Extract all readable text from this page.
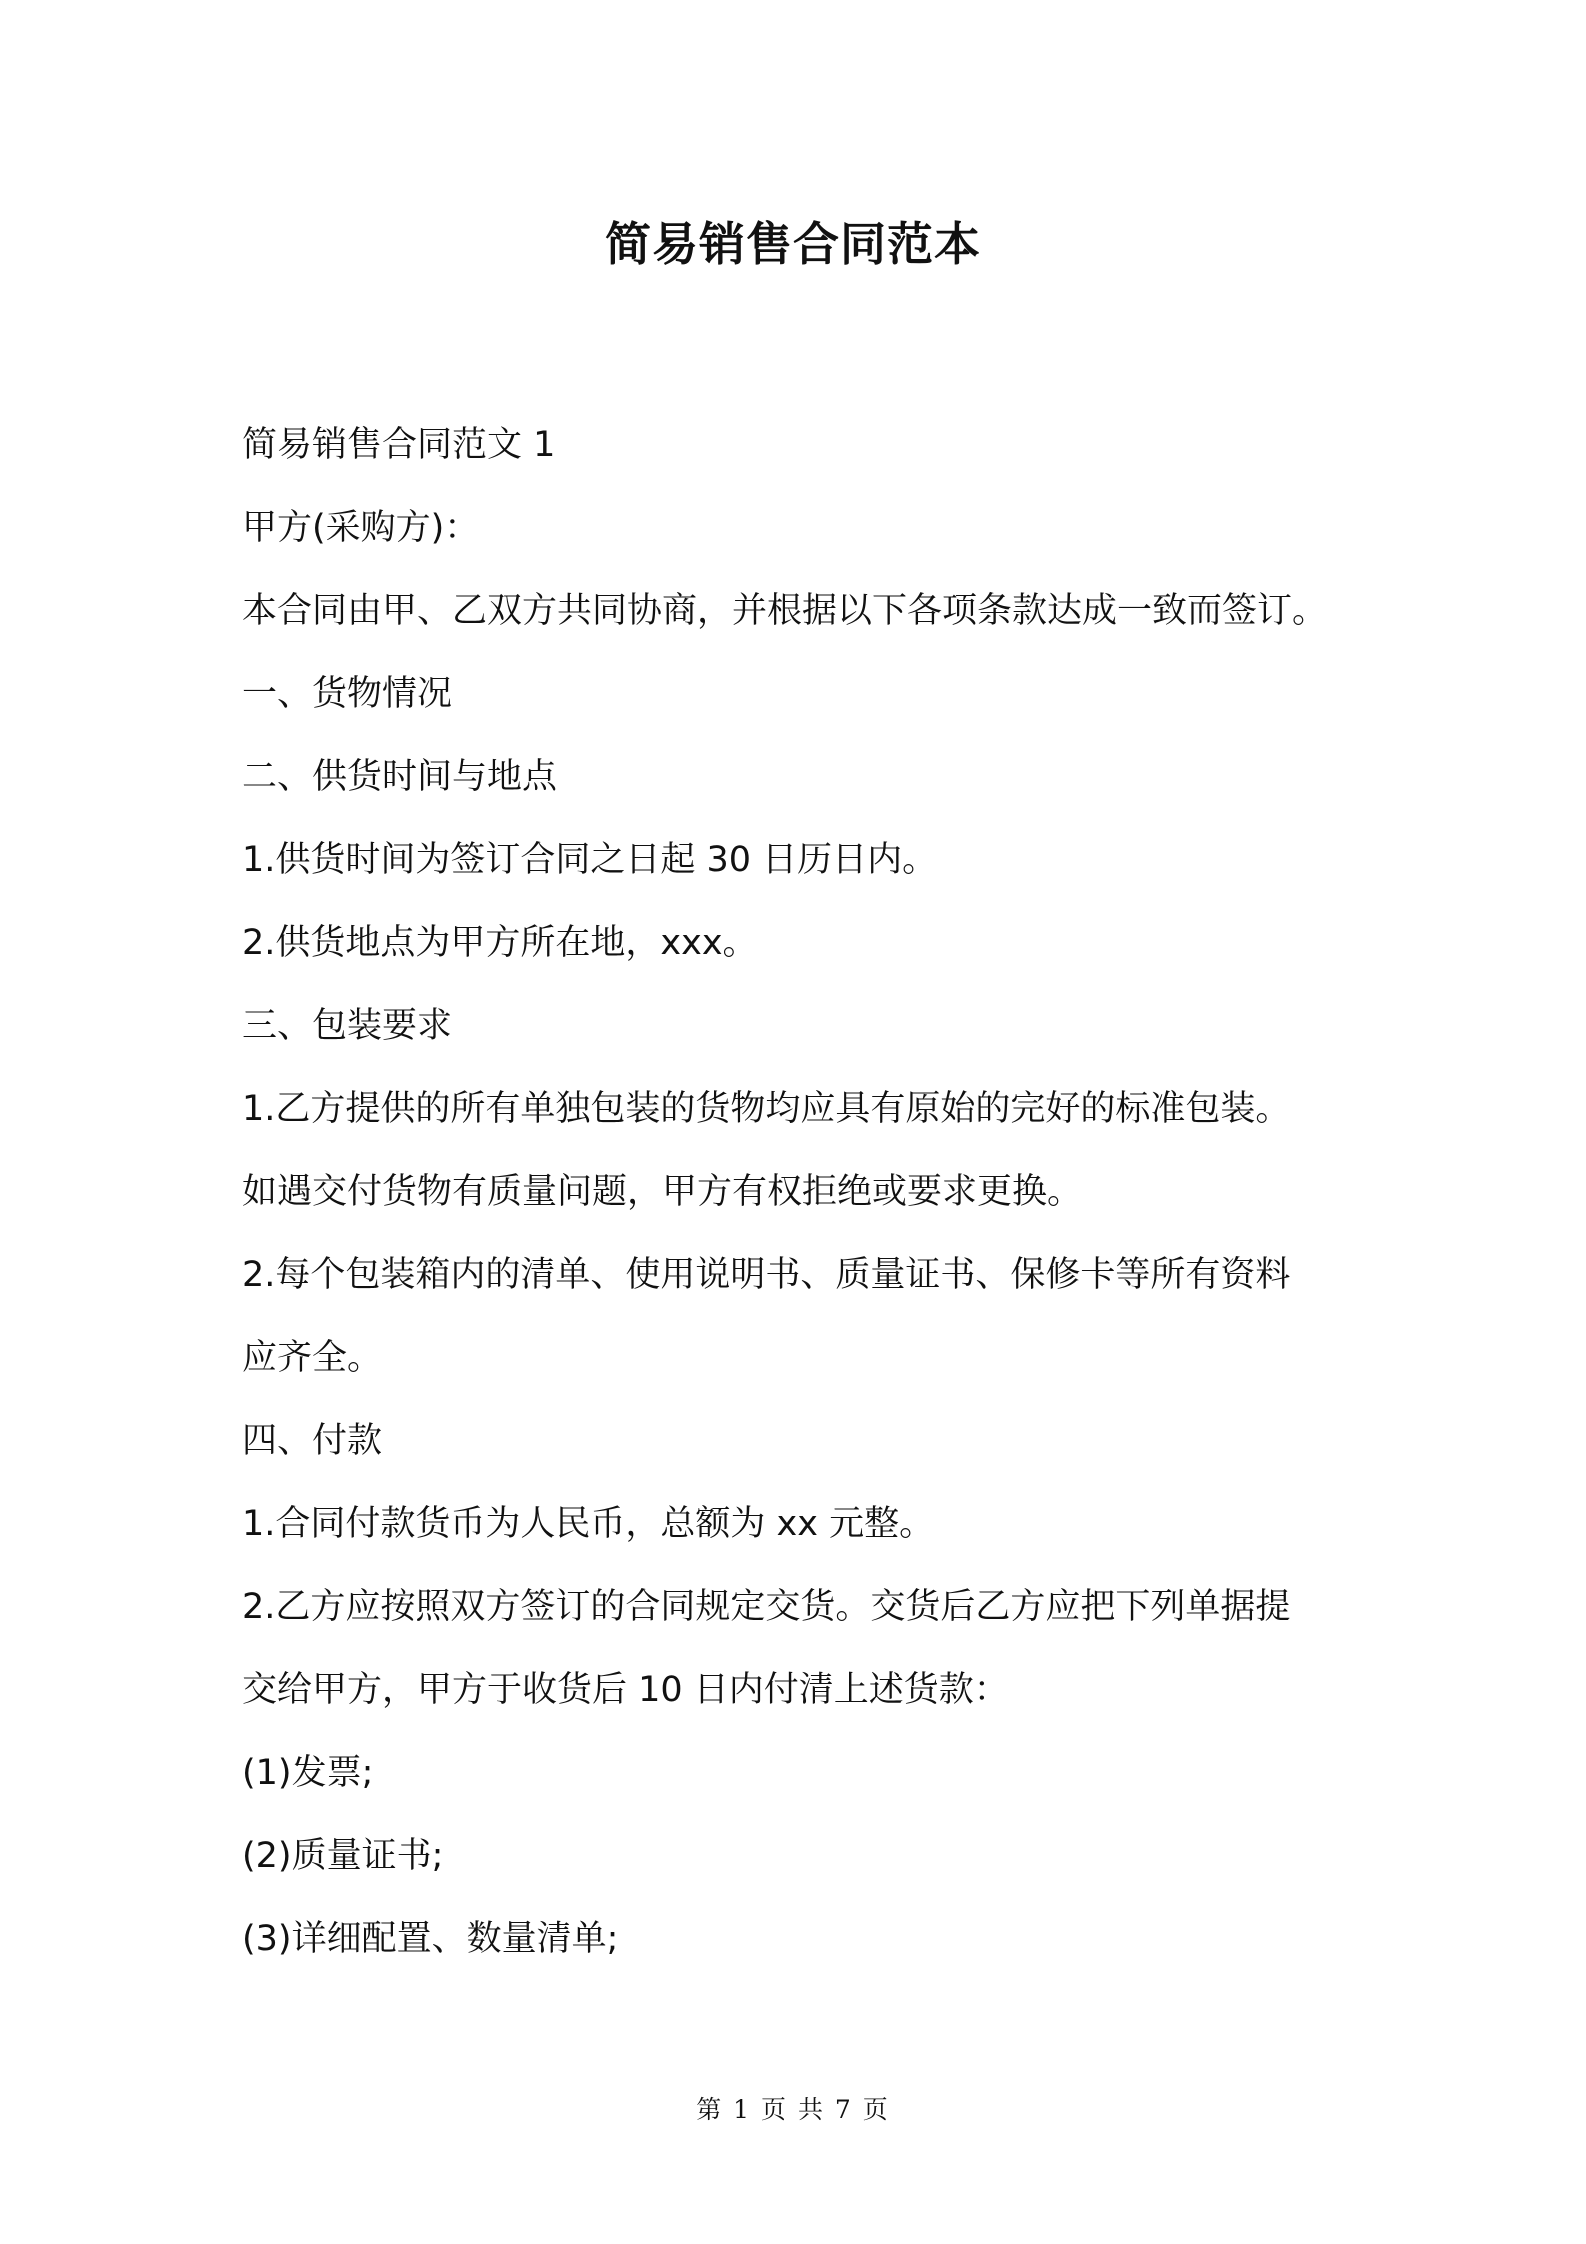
简易销售合同范本
简易销售合同范文 1
甲方(采购方)：
本合同由甲、乙双方共同协商，并根据以下各项条款达成一致而签订。
一、货物情况
二、供货时间与地点
1.供货时间为签订合同之日起 30 日历日内。
2.供货地点为甲方所在地，xxx。
三、包装要求
1.乙方提供的所有单独包装的货物均应具有原始的完好的标准包装。
如遇交付货物有质量问题，甲方有权拒绝或要求更换。
2.每个包装箱内的清单、使用说明书、质量证书、保修卡等所有资料
应齐全。
四、付款
1.合同付款货币为人民币，总额为 xx 元整。
2.乙方应按照双方签订的合同规定交货。交货后乙方应把下列单据提
交给甲方，甲方于收货后 10 日内付清上述货款：
(1)发票;
(2)质量证书;
(3)详细配置、数量清单;
第 1 页 共 7 页
